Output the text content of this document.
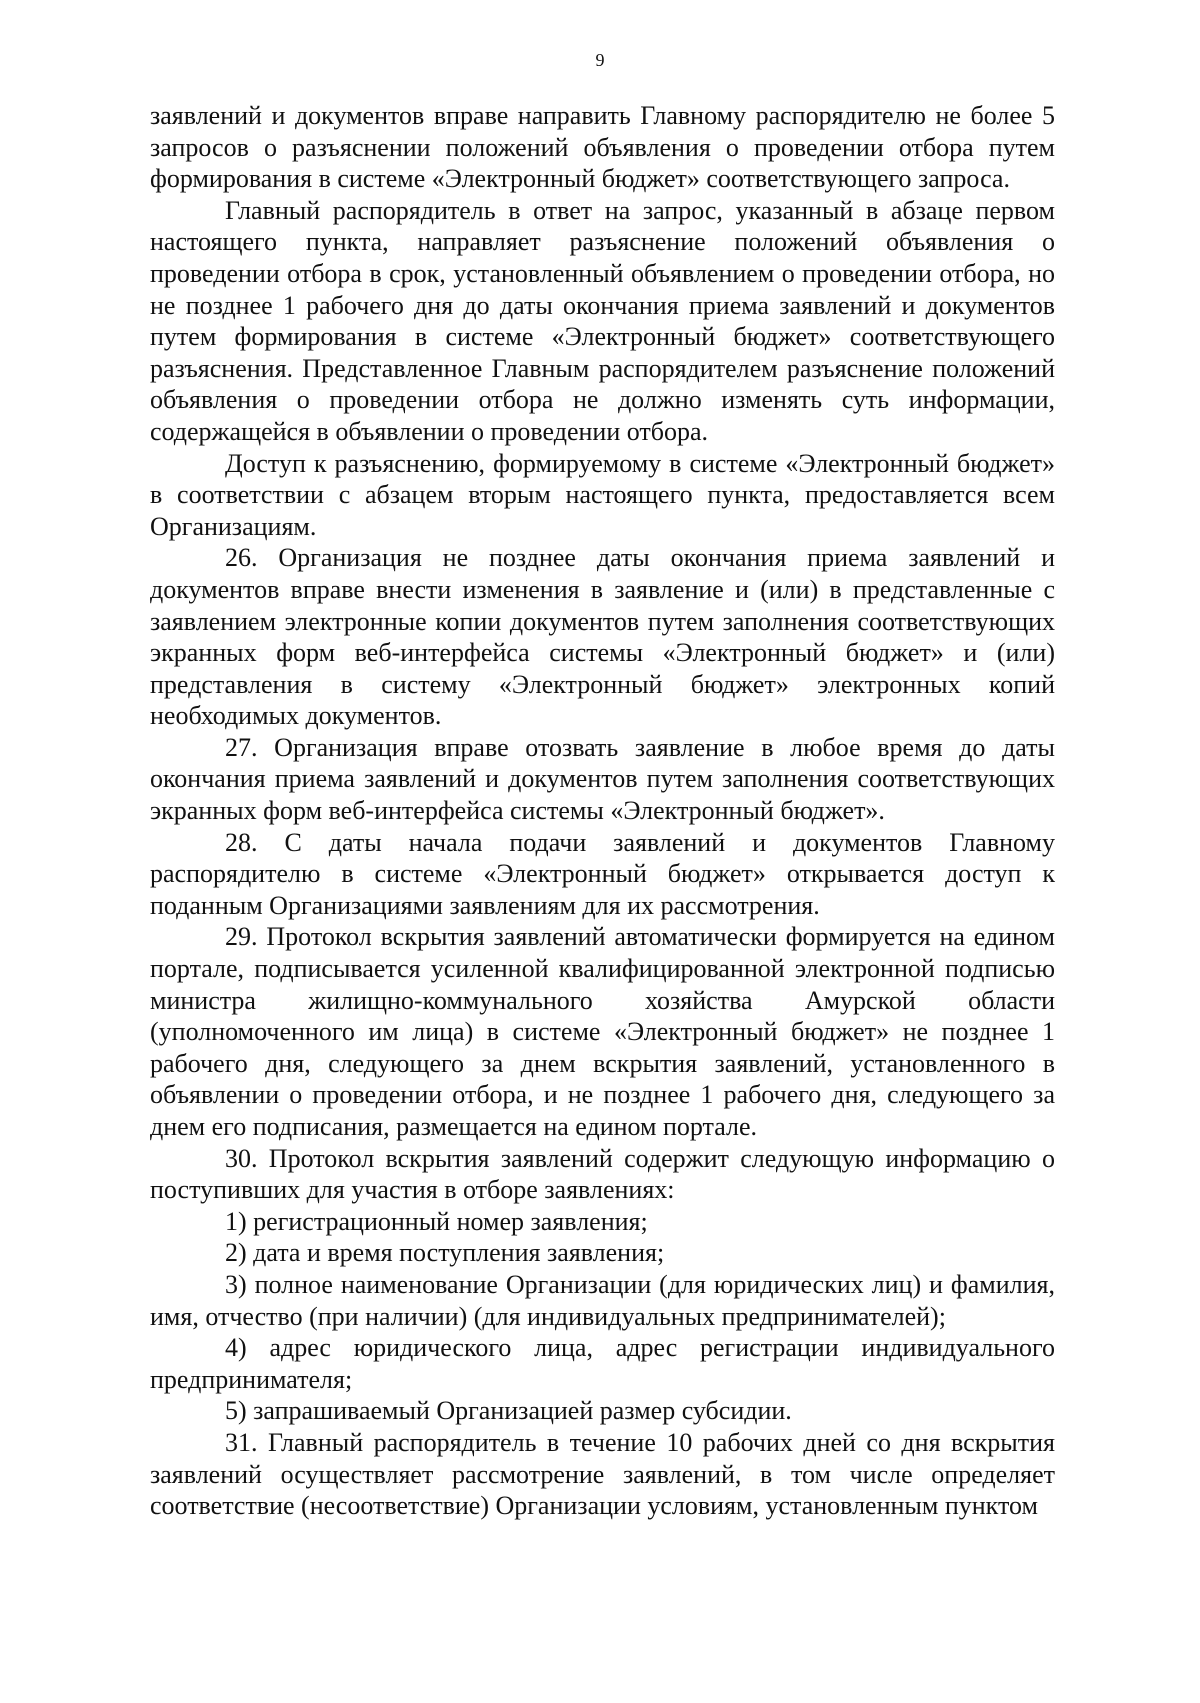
9

заявлений и документов вправе направить Главному распорядителю не более 5 запросов о разъяснении положений объявления о проведении отбора путем формирования в системе «Электронный бюджет» соответствующего запроса.

Главный распорядитель в ответ на запрос, указанный в абзаце первом настоящего пункта, направляет разъяснение положений объявления о проведении отбора в срок, установленный объявлением о проведении отбора, но не позднее 1 рабочего дня до даты окончания приема заявлений и документов путем формирования в системе «Электронный бюджет» соответствующего разъяснения. Представленное Главным распорядителем разъяснение положений объявления о проведении отбора не должно изменять суть информации, содержащейся в объявлении о проведении отбора.

Доступ к разъяснению, формируемому в системе «Электронный бюджет» в соответствии с абзацем вторым настоящего пункта, предоставляется всем Организациям.

26. Организация не позднее даты окончания приема заявлений и документов вправе внести изменения в заявление и (или) в представленные с заявлением электронные копии документов путем заполнения соответствующих экранных форм веб-интерфейса системы «Электронный бюджет» и (или) представления в систему «Электронный бюджет» электронных копий необходимых документов.

27. Организация вправе отозвать заявление в любое время до даты окончания приема заявлений и документов путем заполнения соответствующих экранных форм веб-интерфейса системы «Электронный бюджет».

28. С даты начала подачи заявлений и документов Главному распорядителю в системе «Электронный бюджет» открывается доступ к поданным Организациями заявлениям для их рассмотрения.

29. Протокол вскрытия заявлений автоматически формируется на едином портале, подписывается усиленной квалифицированной электронной подписью министра жилищно-коммунального хозяйства Амурской области (уполномоченного им лица) в системе «Электронный бюджет» не позднее 1 рабочего дня, следующего за днем вскрытия заявлений, установленного в объявлении о проведении отбора, и не позднее 1 рабочего дня, следующего за днем его подписания, размещается на едином портале.

30. Протокол вскрытия заявлений содержит следующую информацию о поступивших для участия в отборе заявлениях:

1) регистрационный номер заявления;

2) дата и время поступления заявления;

3) полное наименование Организации (для юридических лиц) и фамилия, имя, отчество (при наличии) (для индивидуальных предпринимателей);

4) адрес юридического лица, адрес регистрации индивидуального предпринимателя;

5) запрашиваемый Организацией размер субсидии.

31. Главный распорядитель в течение 10 рабочих дней со дня вскрытия заявлений осуществляет рассмотрение заявлений, в том числе определяет соответствие (несоответствие) Организации условиям, установленным пунктом
